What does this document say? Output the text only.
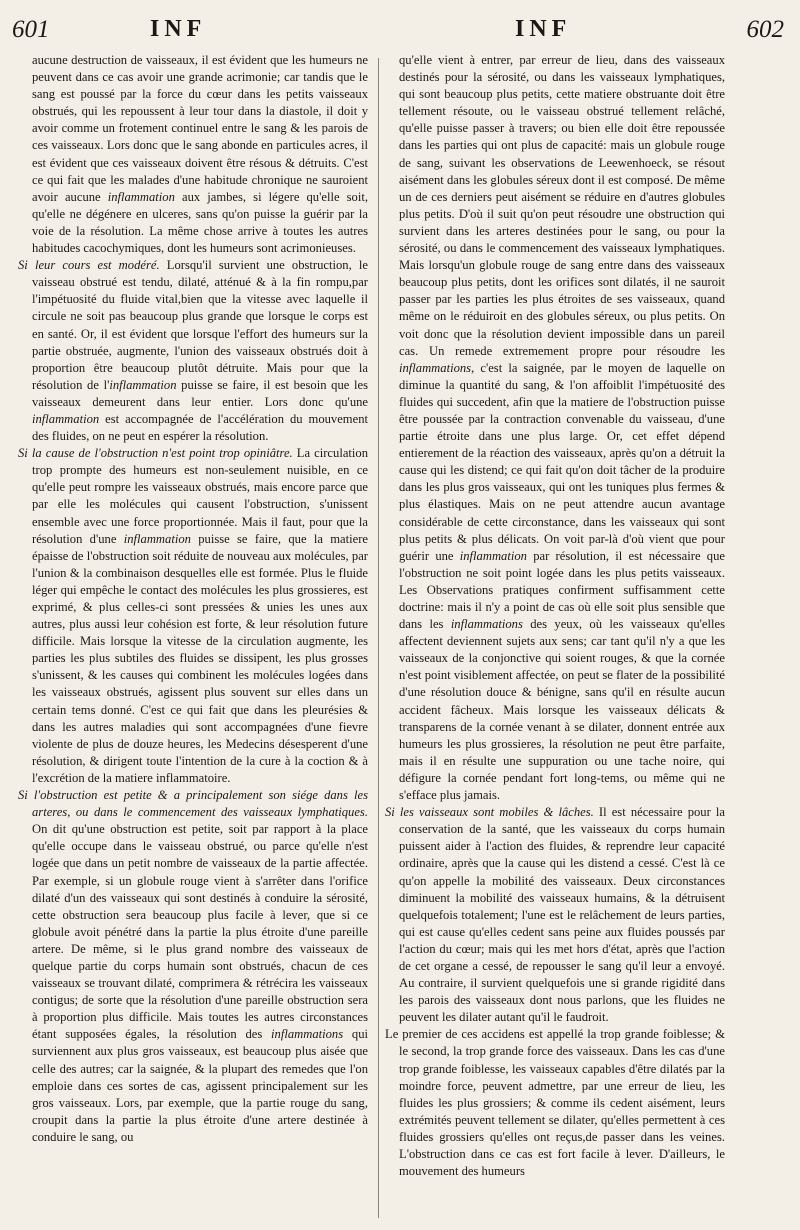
601	INF	INF	602

aucune destruction de vaisseaux, il est évident que les humeurs ne peuvent dans ce cas avoir une grande acrimonie; car tandis que le sang est poussé par la force du cœur dans les petits vaisseaux obstrués, qui les repoussent à leur tour dans la diastole, il doit y avoir comme un frotement continuel entre le sang & les parois de ces vaisseaux. Lors donc que le sang abonde en particules acres, il est évident que ces vaisseaux doivent être résous & détruits. C'est ce qui fait que les malades d'une habitude chronique ne sauroient avoir aucune inflammation aux jambes, si légere qu'elle soit, qu'elle ne dégénere en ulceres, sans qu'on puisse la guérir par la voie de la résolution. La même chose arrive à toutes les autres habitudes cacochymiques, dont les humeurs sont acrimonieuses.

Si leur cours est modéré. Lorsqu'il survient une obstruction, le vaisseau obstrué est tendu, dilaté, atténué & à la fin rompu,par l'impétuosité du fluide vital,bien que la vitesse avec laquelle il circule ne soit pas beaucoup plus grande que lorsque le corps est en santé. Or, il est évident que lorsque l'effort des humeurs sur la partie obstruée, augmente, l'union des vaisseaux obstrués doit à proportion être beaucoup plutôt détruite. Mais pour que la résolution de l'inflammation puisse se faire, il est besoin que les vaisseaux demeurent dans leur entier. Lors donc qu'une inflammation est accompagnée de l'accélération du mouvement des fluides, on ne peut en espérer la résolution.

Si la cause de l'obstruction n'est point trop opiniâtre. La circulation trop prompte des humeurs est non-seulement nuisible, en ce qu'elle peut rompre les vaisseaux obstrués, mais encore parce que par elle les molécules qui causent l'obstruction, s'unissent ensemble avec une force proportionnée. Mais il faut, pour que la résolution d'une inflammation puisse se faire, que la matiere épaisse de l'obstruction soit réduite de nouveau aux molécules, par l'union & la combinaison desquelles elle est formée. Plus le fluide léger qui empêche le contact des molécules les plus grossieres, est exprimé, & plus celles-ci sont pressées & unies les unes aux autres, plus aussi leur cohésion est forte, & leur résolution future difficile. Mais lorsque la vitesse de la circulation augmente, les parties les plus subtiles des fluides se dissipent, les plus grosses s'unissent, & les causes qui combinent les molécules logées dans les vaisseaux obstrués, agissent plus souvent sur elles dans un certain tems donné. C'est ce qui fait que dans les pleurésies & dans les autres maladies qui sont accompagnées d'une fievre violente de plus de douze heures, les Medecins désesperent d'une résolution, & dirigent toute l'intention de la cure à la coction & à l'excrétion de la matiere inflammatoire.

Si l'obstruction est petite & a principalement son siége dans les arteres, ou dans le commencement des vaisseaux lymphatiques. On dit qu'une obstruction est petite, soit par rapport à la place qu'elle occupe dans le vaisseau obstrué, ou parce qu'elle n'est logée que dans un petit nombre de vaisseaux de la partie affectée. Par exemple, si un globule rouge vient à s'arrêter dans l'orifice dilaté d'un des vaisseaux qui sont destinés à conduire la sérosité, cette obstruction sera beaucoup plus facile à lever, que si ce globule avoit pénétré dans la partie la plus étroite d'une pareille artere. De même, si le plus grand nombre des vaisseaux de quelque partie du corps humain sont obstrués, chacun de ces vaisseaux se trouvant dilaté, comprimera & rétrécira les vaisseaux contigus; de sorte que la résolution d'une pareille obstruction sera à proportion plus difficile. Mais toutes les autres circonstances étant supposées égales, la résolution des inflammations qui surviennent aux plus gros vaisseaux, est beaucoup plus aisée que celle des autres; car la saignée, & la plupart des remedes que l'on emploie dans ces sortes de cas, agissent principalement sur les gros vaisseaux. Lors, par exemple, que la partie rouge du sang, croupit dans la partie la plus étroite d'une artere destinée à conduire le sang, ou

qu'elle vient à entrer, par erreur de lieu, dans des vaisseaux destinés pour la sérosité, ou dans les vaisseaux lymphatiques, qui sont beaucoup plus petits, cette matiere obstruante doit être tellement résoute, ou le vaisseau obstrué tellement relâché, qu'elle puisse passer à travers; ou bien elle doit être repoussée dans les parties qui ont plus de capacité: mais un globule rouge de sang, suivant les observations de Leewenhoeck, se résout aisément dans les globules séreux dont il est composé. De même un de ces derniers peut aisément se réduire en d'autres globules plus petits. D'où il suit qu'on peut résoudre une obstruction qui survient dans les arteres destinées pour le sang, ou pour la sérosité, ou dans le commencement des vaisseaux lymphatiques. Mais lorsqu'un globule rouge de sang entre dans des vaisseaux beaucoup plus petits, dont les orifices sont dilatés, il ne sauroit passer par les parties les plus étroites de ses vaisseaux, quand même on le réduiroit en des globules séreux, ou plus petits. On voit donc que la résolution devient impossible dans un pareil cas. Un remede extremement propre pour résoudre les inflammations, c'est la saignée, par le moyen de laquelle on diminue la quantité du sang, & l'on affoiblit l'impétuosité des fluides qui succedent, afin que la matiere de l'obstruction puisse être poussée par la contraction convenable du vaisseau, d'une partie étroite dans une plus large. Or, cet effet dépend entierement de la réaction des vaisseaux, après qu'on a détruit la cause qui les distend; ce qui fait qu'on doit tâcher de la produire dans les plus gros vaisseaux, qui ont les tuniques plus fermes & plus élastiques. Mais on ne peut attendre aucun avantage considérable de cette circonstance, dans les vaisseaux qui sont plus petits & plus délicats. On voit par-là d'où vient que pour guérir une inflammation par résolution, il est nécessaire que l'obstruction ne soit point logée dans les plus petits vaisseaux. Les Observations pratiques confirment suffisamment cette doctrine: mais il n'y a point de cas où elle soit plus sensible que dans les inflammations des yeux, où les vaisseaux qu'elles affectent deviennent sujets aux sens; car tant qu'il n'y a que les vaisseaux de la conjonctive qui soient rouges, & que la cornée n'est point visiblement affectée, on peut se flater de la possibilité d'une résolution douce & bénigne, sans qu'il en résulte aucun accident fâcheux. Mais lorsque les vaisseaux délicats & transparens de la cornée venant à se dilater, donnent entrée aux humeurs les plus grossieres, la résolution ne peut être parfaite, mais il en résulte une suppuration ou une tache noire, qui défigure la cornée pendant fort long-tems, ou même qui ne s'efface plus jamais.

Si les vaisseaux sont mobiles & lâches. Il est nécessaire pour la conservation de la santé, que les vaisseaux du corps humain puissent aider à l'action des fluides, & reprendre leur capacité ordinaire, après que la cause qui les distend a cessé. C'est là ce qu'on appelle la mobilité des vaisseaux. Deux circonstances diminuent la mobilité des vaisseaux humains, & la détruisent quelquefois totalement; l'une est le relâchement de leurs parties, qui est cause qu'elles cedent sans peine aux fluides poussés par l'action du cœur; mais qui les met hors d'état, après que l'action de cet organe a cessé, de repousser le sang qu'il leur a envoyé. Au contraire, il survient quelquefois une si grande rigidité dans les parois des vaisseaux dont nous parlons, que les fluides ne peuvent les dilater autant qu'il le faudroit.

Le premier de ces accidens est appellé la trop grande foiblesse; & le second, la trop grande force des vaisseaux. Dans les cas d'une trop grande foiblesse, les vaisseaux capables d'être dilatés par la moindre force, peuvent admettre, par une erreur de lieu, les fluides les plus grossiers; & comme ils cedent aisément, leurs extrémités peuvent tellement se dilater, qu'elles permettent à ces fluides grossiers qu'elles ont reçus,de passer dans les veines. L'obstruction dans ce cas est fort facile à lever. D'ailleurs, le mouvement des humeurs
